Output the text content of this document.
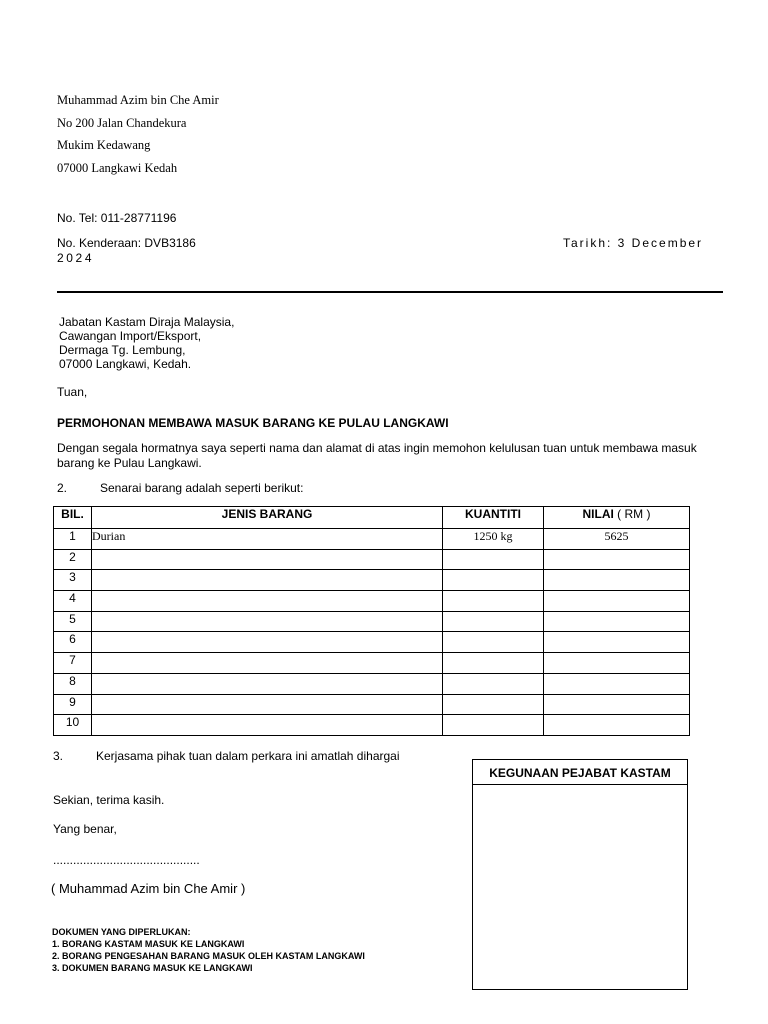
Muhammad Azim bin Che Amir
No 200 Jalan Chandekura
Mukim Kedawang
07000 Langkawi Kedah
No. Tel: 011-28771196
No. Kenderaan: DVB3186	Tarikh: 3 December
2024
Jabatan Kastam Diraja Malaysia,
Cawangan Import/Eksport,
Dermaga Tg. Lembung,
07000 Langkawi, Kedah.
Tuan,
PERMOHONAN MEMBAWA MASUK BARANG KE PULAU LANGKAWI
Dengan segala hormatnya saya seperti nama dan alamat di atas ingin memohon kelulusan tuan untuk membawa masuk barang ke Pulau Langkawi.
2.	Senarai barang adalah seperti berikut:
BIL.	JENIS BARANG	KUANTITI	NILAI ( RM )
1	Durian	1250 kg	5625
2			
3			
4			
5			
6			
7			
8			
9			
10			
3.	Kerjasama pihak tuan dalam perkara ini amatlah dihargai
Sekian, terima kasih.
Yang benar,
............................................
( Muhammad Azim bin Che Amir )
KEGUNAAN PEJABAT KASTAM
DOKUMEN YANG DIPERLUKAN:
1. BORANG KASTAM MASUK KE LANGKAWI
2. BORANG PENGESAHAN BARANG MASUK OLEH KASTAM LANGKAWI
3. DOKUMEN BARANG MASUK KE LANGKAWI
